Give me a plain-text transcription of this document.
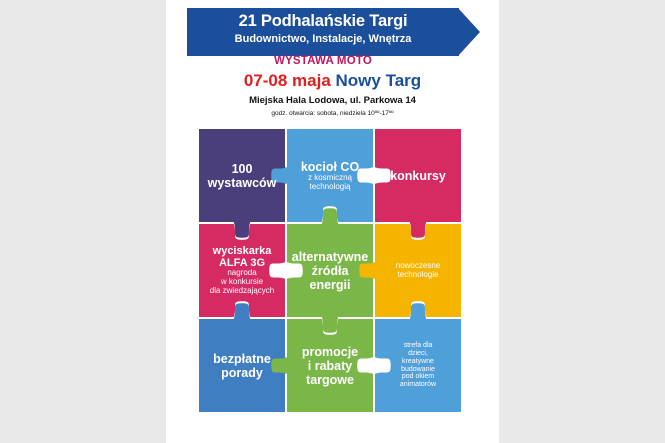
21 Podhalańskie Targi
Budownictwo, Instalacje, Wnętrza
WYSTAWA MOTO
07-08 maja Nowy Targ
Miejska Hala Lodowa, ul. Parkowa 14
godz. otwarcia: sobota, niedziela 10ºº-17ºº
100
wystawców
kocioł CO
z kosmiczną
technologią
konkursy
wyciskarka
ALFA 3G
nagroda
w konkursie
dla zwiedzających
alternatywne
źródła
energii
nowoczesne
technologie
bezpłatne
porady
promocje
i rabaty
targowe
strefa dla
dzieci,
kreatywne
budowanie
pod okiem
animatorów
